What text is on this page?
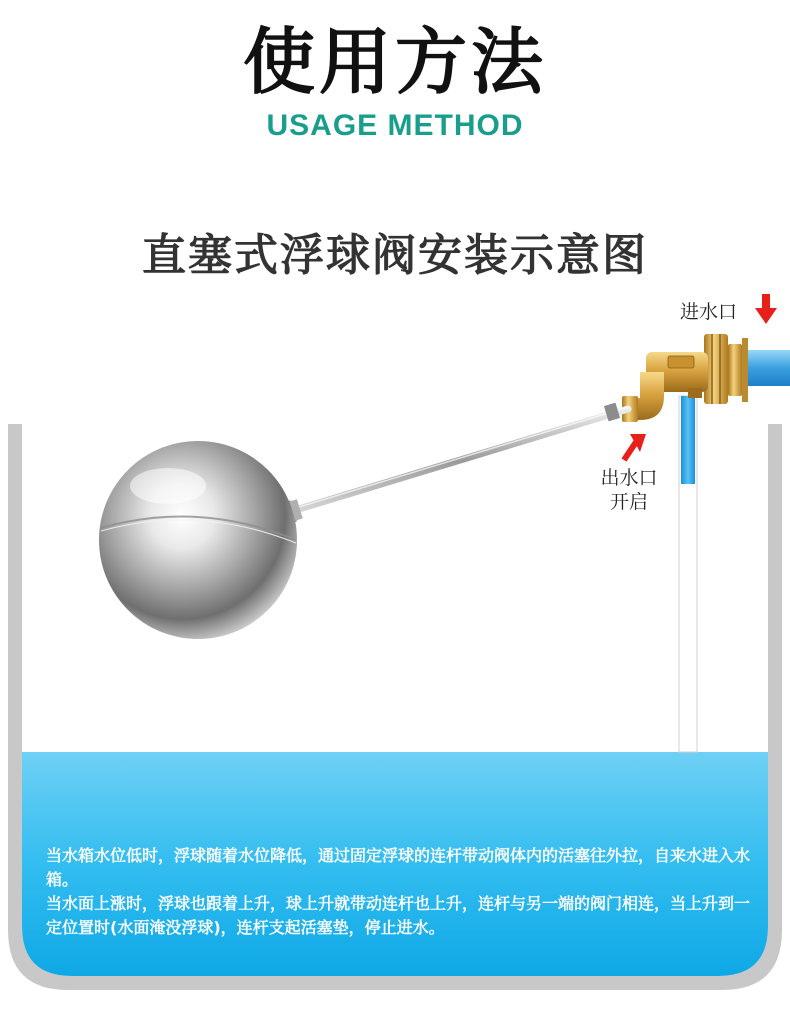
使用方法
USAGE METHOD
直塞式浮球阀安装示意图
进水口
出水口
开启

当水箱水位低时，浮球随着水位降低，通过固定浮球的连杆带动阀体内的活塞往外拉，自来水进入水箱。

当水面上涨时，浮球也跟着上升，球上升就带动连杆也上升，连杆与另一端的阀门相连，当上升到一定位置时(水面淹没浮球)，连杆支起活塞垫，停止进水。
